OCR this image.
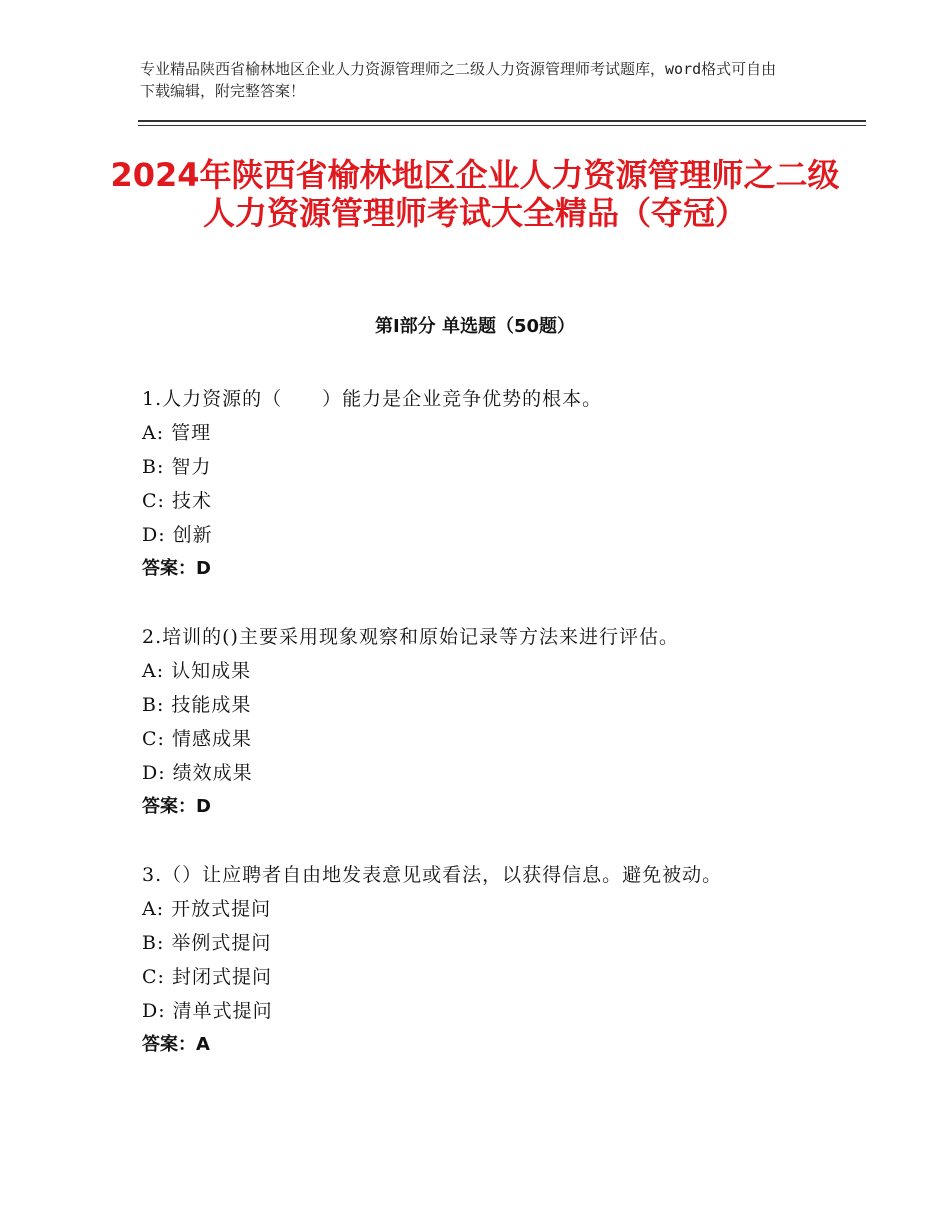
专业精品陕西省榆林地区企业人力资源管理师之二级人力资源管理师考试题库，word格式可自由下载编辑，附完整答案！
2024年陕西省榆林地区企业人力资源管理师之二级人力资源管理师考试大全精品（夺冠）
第Ⅰ部分 单选题（50题）
1.人力资源的（　　）能力是企业竞争优势的根本。
A: 管理
B: 智力
C: 技术
D: 创新
答案：D
2.培训的()主要采用现象观察和原始记录等方法来进行评估。
A: 认知成果
B: 技能成果
C: 情感成果
D: 绩效成果
答案：D
3.（）让应聘者自由地发表意见或看法，以获得信息。避免被动。
A: 开放式提问
B: 举例式提问
C: 封闭式提问
D: 清单式提问
答案：A
